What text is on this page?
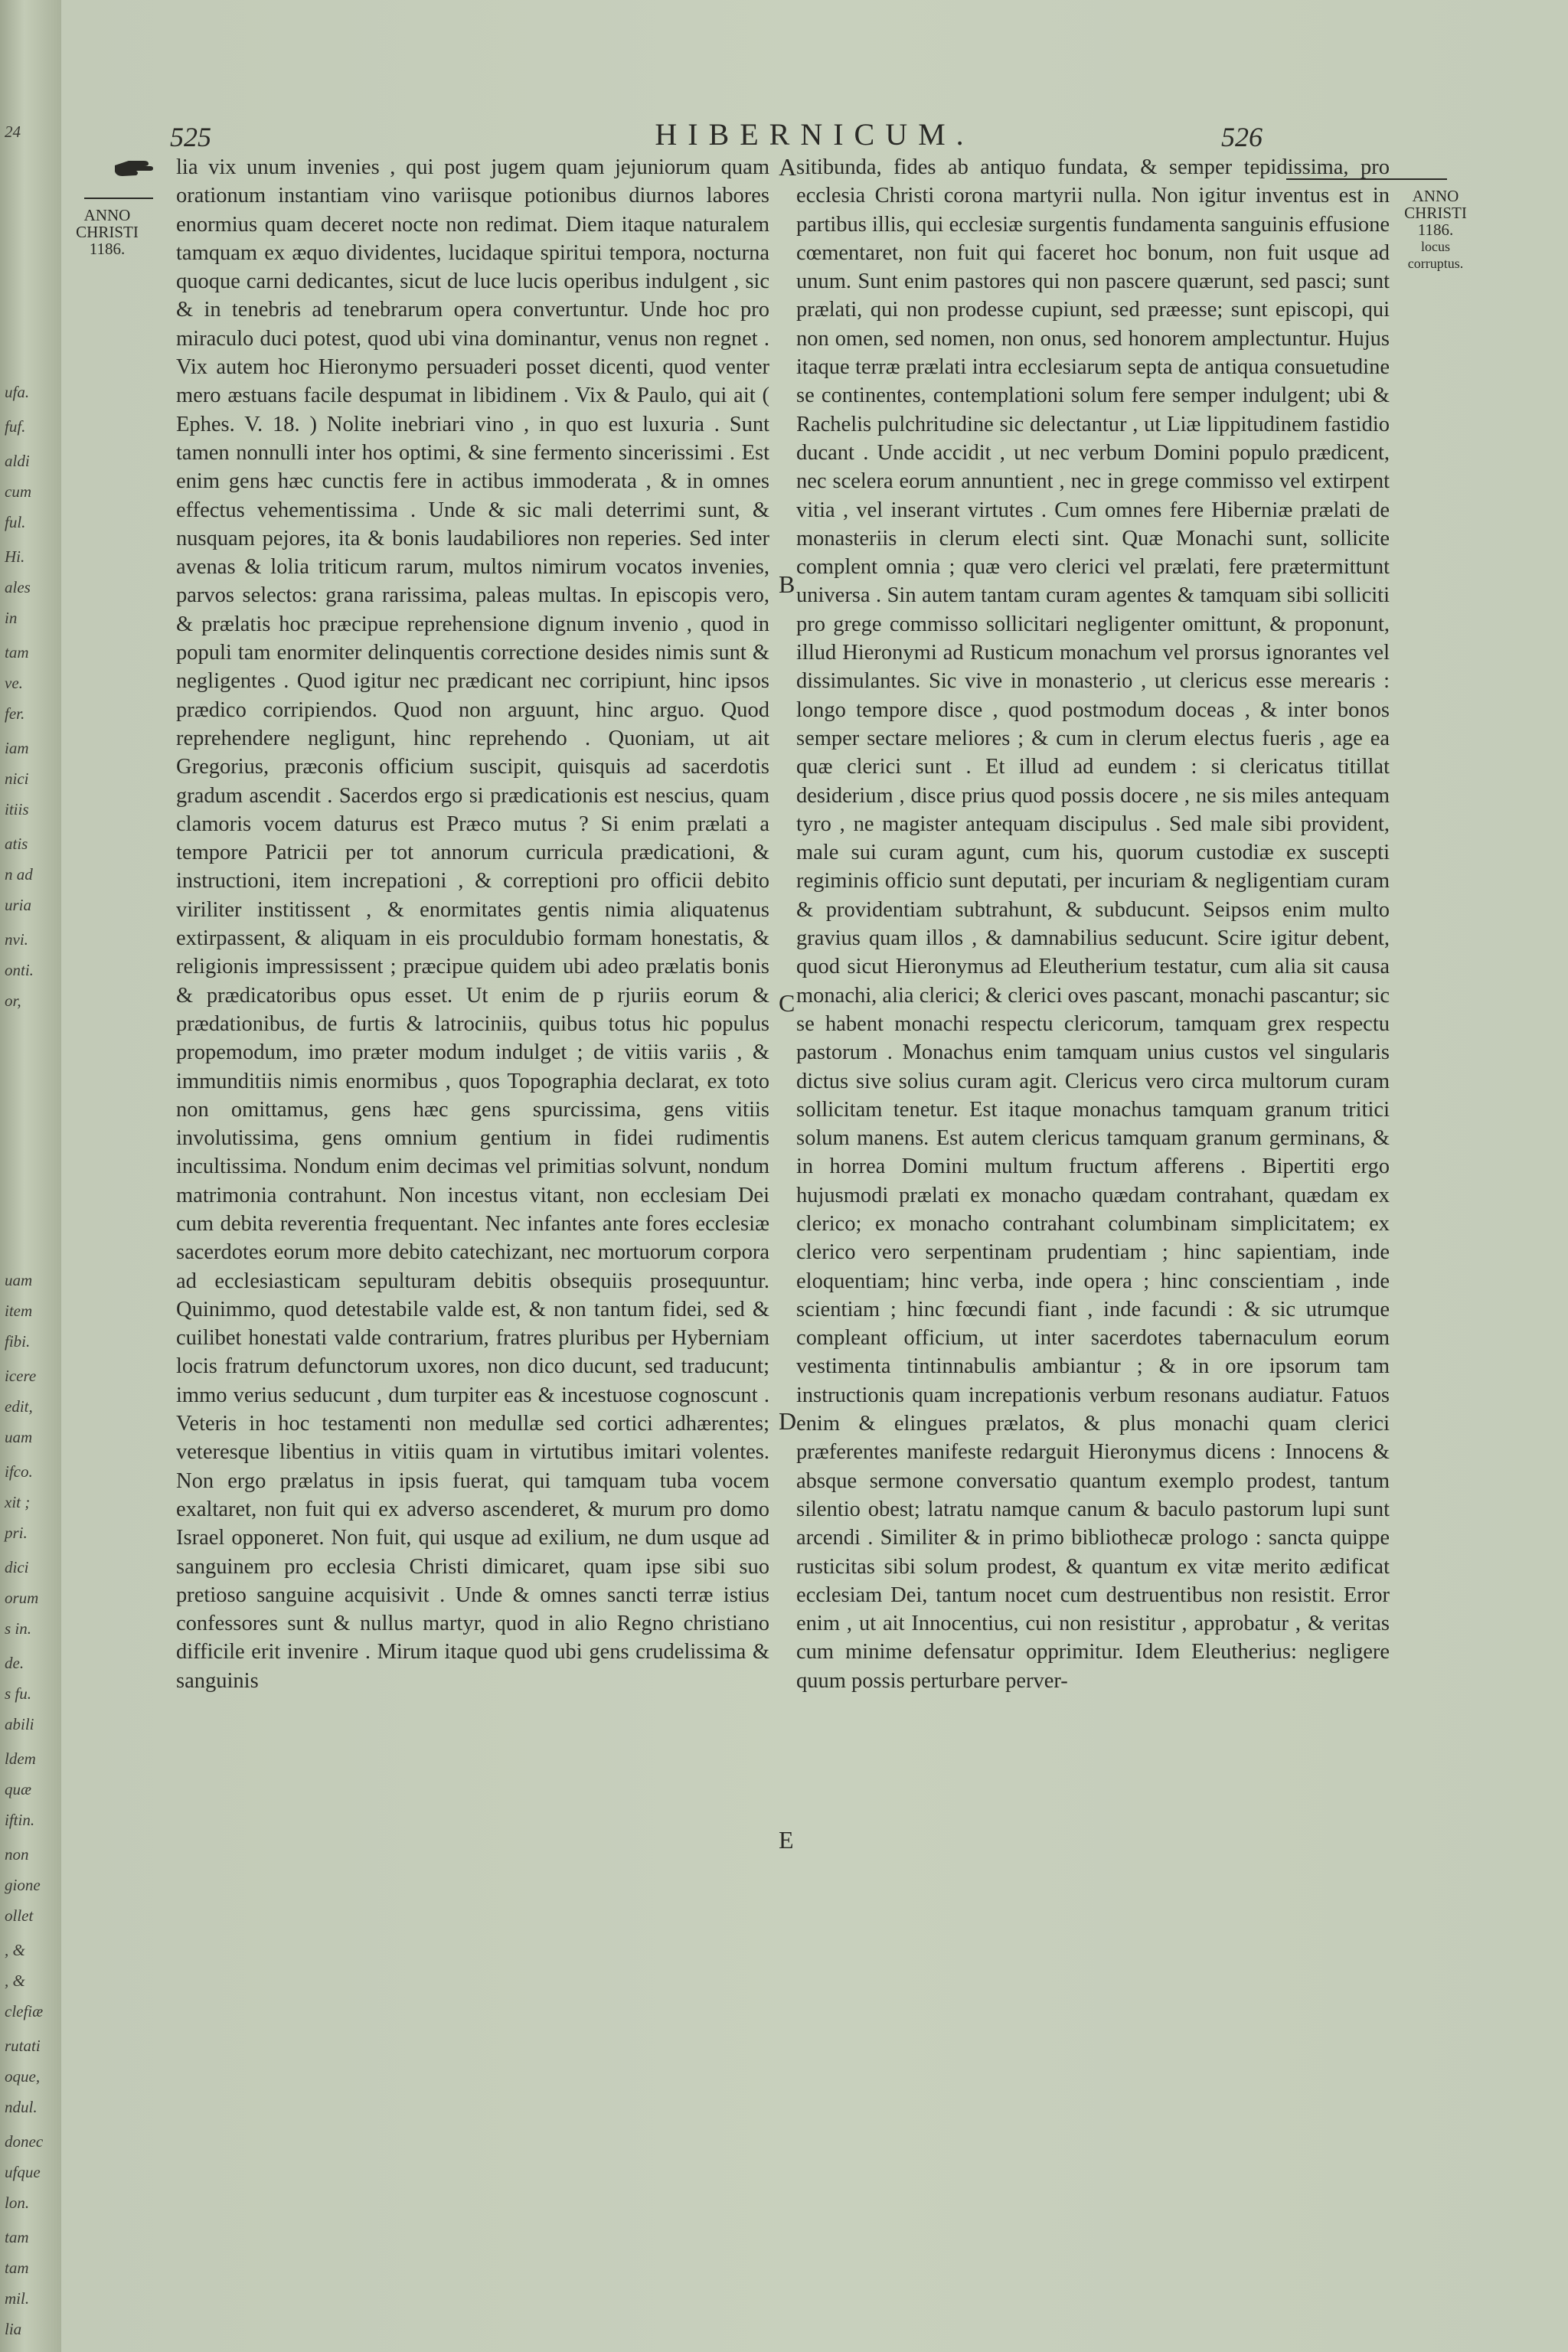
24
ufa.
fuf.
aldi
cum
ful.
Hi.
ales
in
tam
ve.
fer.
iam
nici
itiis
atis
n ad
uria
nvi.
onti.
or,
uam
item
fibi.
icere
edit,
uam
ifco.
xit ;
pri.
dici
orum
s in.
de.
s fu.
abili
ldem
quæ
iftin.
non
gione
ollet
, &
, &
clefiæ
rutati
oque,
ndul.
donec
ufque
lon.
tam
tam
mil.
lia
525	HIBERNICUM.	526
ANNO
CHRISTI
1186.
ANNO
CHRISTI
1186.
locus corruptus.
A
B
C
D
E

lia vix unum invenies , qui post jugem quam jejuniorum quam orationum instantiam vino variisque potionibus diurnos labores enormius quam deceret nocte non redimat. Diem itaque naturalem tamquam ex æquo dividentes, lucidaque spiritui tempora, nocturna quoque carni dedicantes, sicut de luce lucis operibus indulgent , sic & in tenebris ad tenebrarum opera convertuntur. Unde hoc pro miraculo duci potest, quod ubi vina dominantur, venus non regnet . Vix autem hoc Hieronymo persuaderi posset dicenti, quod venter mero æstuans facile despumat in libidinem . Vix & Paulo, qui ait ( Ephes. V. 18. ) Nolite inebriari vino , in quo est luxuria . Sunt tamen nonnulli inter hos optimi, & sine fermento sincerissimi . Est enim gens hæc cunctis fere in actibus immoderata , & in omnes effectus vehementissima . Unde & sic mali deterrimi sunt, & nusquam pejores, ita & bonis laudabiliores non reperies. Sed inter avenas & lolia triticum rarum, multos nimirum vocatos invenies, parvos selectos: grana rarissima, paleas multas. In episcopis vero, & prælatis hoc præcipue reprehensione dignum invenio , quod in populi tam enormiter delinquentis correctione desides nimis sunt & negligentes . Quod igitur nec prædicant nec corripiunt, hinc ipsos prædico corripiendos. Quod non arguunt, hinc arguo. Quod reprehendere negligunt, hinc reprehendo . Quoniam, ut ait Gregorius, præconis officium suscipit, quisquis ad sacerdotis gradum ascendit . Sacerdos ergo si prædicationis est nescius, quam clamoris vocem daturus est Præco mutus ? Si enim prælati a tempore Patricii per tot annorum curricula prædicationi, & instructioni, item increpationi , & correptioni pro officii debito viriliter institissent , & enormitates gentis nimia aliquatenus extirpassent, & aliquam in eis proculdubio formam honestatis, & religionis impressissent ; præcipue quidem ubi adeo prælatis bonis & prædicatoribus opus esset. Ut enim de p rjuriis eorum & prædationibus, de furtis & latrociniis, quibus totus hic populus propemodum, imo præter modum indulget ; de vitiis variis , & immunditiis nimis enormibus , quos Topographia declarat, ex toto non omittamus, gens hæc gens spurcissima, gens vitiis involutissima, gens omnium gentium in fidei rudimentis incultissima. Nondum enim decimas vel primitias solvunt, nondum matrimonia contrahunt. Non incestus vitant, non ecclesiam Dei cum debita reverentia frequentant. Nec infantes ante fores ecclesiæ sacerdotes eorum more debito catechizant, nec mortuorum corpora ad ecclesiasticam sepulturam debitis obsequiis prosequuntur. Quinimmo, quod detestabile valde est, & non tantum fidei, sed & cuilibet honestati valde contrarium, fratres pluribus per Hyberniam locis fratrum defunctorum uxores, non dico ducunt, sed traducunt; immo verius seducunt , dum turpiter eas & incestuose cognoscunt . Veteris in hoc testamenti non medullæ sed cortici adhærentes; veteresque libentius in vitiis quam in virtutibus imitari volentes. Non ergo prælatus in ipsis fuerat, qui tamquam tuba vocem exaltaret, non fuit qui ex adverso ascenderet, & murum pro domo Israel opponeret. Non fuit, qui usque ad exilium, ne dum usque ad sanguinem pro ecclesia Christi dimicaret, quam ipse sibi suo pretioso sanguine acquisivit . Unde & omnes sancti terræ istius confessores sunt & nullus martyr, quod in alio Regno christiano difficile erit invenire . Mirum itaque quod ubi gens crudelissima & sanguinis

sitibunda, fides ab antiquo fundata, & semper tepidissima, pro ecclesia Christi corona martyrii nulla. Non igitur inventus est in partibus illis, qui ecclesiæ surgentis fundamenta sanguinis effusione cœmentaret, non fuit qui faceret hoc bonum, non fuit usque ad unum. Sunt enim pastores qui non pascere quærunt, sed pasci; sunt prælati, qui non prodesse cupiunt, sed præesse; sunt episcopi, qui non omen, sed nomen, non onus, sed honorem amplectuntur. Hujus itaque terræ prælati intra ecclesiarum septa de antiqua consuetudine se continentes, contemplationi solum fere semper indulgent; ubi & Rachelis pulchritudine sic delectantur , ut Liæ lippitudinem fastidio ducant . Unde accidit , ut nec verbum Domini populo prædicent, nec scelera eorum annuntient , nec in grege commisso vel extirpent vitia , vel inserant virtutes . Cum omnes fere Hiberniæ prælati de monasteriis in clerum electi sint. Quæ Monachi sunt, sollicite complent omnia ; quæ vero clerici vel prælati, fere prætermittunt universa . Sin autem tantam curam agentes & tamquam sibi solliciti pro grege commisso sollicitari negligenter omittunt, & proponunt, illud Hieronymi ad Rusticum monachum vel prorsus ignorantes vel dissimulantes. Sic vive in monasterio , ut clericus esse merearis : longo tempore disce , quod postmodum doceas , & inter bonos semper sectare meliores ; & cum in clerum electus fueris , age ea quæ clerici sunt . Et illud ad eundem : si clericatus titillat desiderium , disce prius quod possis docere , ne sis miles antequam tyro , ne magister antequam discipulus . Sed male sibi provident, male sui curam agunt, cum his, quorum custodiæ ex suscepti regiminis officio sunt deputati, per incuriam & negligentiam curam & providentiam subtrahunt, & subducunt. Seipsos enim multo gravius quam illos , & damnabilius seducunt. Scire igitur debent, quod sicut Hieronymus ad Eleutherium testatur, cum alia sit causa monachi, alia clerici; & clerici oves pascant, monachi pascantur; sic se habent monachi respectu clericorum, tamquam grex respectu pastorum . Monachus enim tamquam unius custos vel singularis dictus sive solius curam agit. Clericus vero circa multorum curam sollicitam tenetur. Est itaque monachus tamquam granum tritici solum manens. Est autem clericus tamquam granum germinans, & in horrea Domini multum fructum afferens . Bipertiti ergo hujusmodi prælati ex monacho quædam contrahant, quædam ex clerico; ex monacho contrahant columbinam simplicitatem; ex clerico vero serpentinam prudentiam ; hinc sapientiam, inde eloquentiam; hinc verba, inde opera ; hinc conscientiam , inde scientiam ; hinc fœcundi fiant , inde facundi : & sic utrumque compleant officium, ut inter sacerdotes tabernaculum eorum vestimenta tintinnabulis ambiantur ; & in ore ipsorum tam instructionis quam increpationis verbum resonans audiatur. Fatuos enim & elingues prælatos, & plus monachi quam clerici præferentes manifeste redarguit Hieronymus dicens : Innocens & absque sermone conversatio quantum exemplo prodest, tantum silentio obest; latratu namque canum & baculo pastorum lupi sunt arcendi . Similiter & in primo bibliothecæ prologo : sancta quippe rusticitas sibi solum prodest, & quantum ex vitæ merito ædificat ecclesiam Dei, tantum nocet cum destruentibus non resistit. Error enim , ut ait Innocentius, cui non resistitur , approbatur , & veritas cum minime defensatur opprimitur. Idem Eleutherius: negligere quum possis perturbare perver-
